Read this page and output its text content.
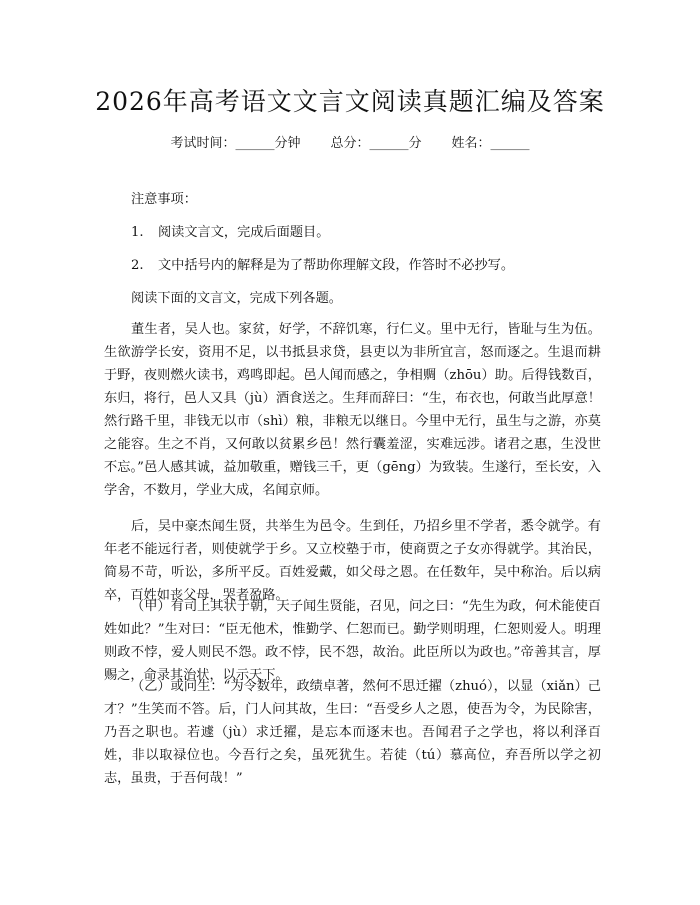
2026年高考语文文言文阅读真题汇编及答案
考试时间：______分钟 总分：______分 姓名：______
注意事项：
1. 阅读文言文，完成后面题目。
2. 文中括号内的解释是为了帮助你理解文段，作答时不必抄写。
阅读下面的文言文，完成下列各题。

董生者，吴人也。家贫，好学，不辞饥寒，行仁义。里中无行，皆耻与生为伍。生欲游学长安，资用不足，以书抵县求贷，县吏以为非所宜言，怒而逐之。生退而耕于野，夜则燃火读书，鸡鸣即起。邑人闻而感之，争相赒（zhōu）助。后得钱数百，东归，将行，邑人又具（jù）酒食送之。生拜而辞曰：“生，布衣也，何敢当此厚意！然行路千里，非钱无以市（shì）粮，非粮无以继日。今里中无行，虽生与之游，亦莫之能容。生之不肖，又何敢以贫累乡邑！然行囊羞涩，实难远涉。诸君之惠，生没世不忘。”邑人感其诚，益加敬重，赠钱三千，更（gēng）为致装。生遂行，至长安，入学舍，不数月，学业大成，名闻京师。

后，吴中豪杰闻生贤，共举生为邑令。生到任，乃招乡里不学者，悉令就学。有年老不能远行者，则使就学于乡。又立校塾于市，使商贾之子女亦得就学。其治民，简易不苛，听讼，多所平反。百姓爱戴，如父母之恩。在任数年，吴中称治。后以病卒，百姓如丧父母，哭者盈路。

（甲）有司上其状于朝，天子闻生贤能，召见，问之曰：“先生为政，何术能使百姓如此？”生对曰：“臣无他术，惟勤学、仁恕而已。勤学则明理，仁恕则爱人。明理则政不悖，爱人则民不怨。政不悖，民不怨，故治。此臣所以为政也。”帝善其言，厚赐之，命录其治状，以示天下。

（乙）或问生：“为令数年，政绩卓著，然何不思迁擢（zhuó），以显（xiǎn）己才？”生笑而不答。后，门人问其故，生曰：“吾受乡人之恩，使吾为令，为民除害，乃吾之职也。若遽（jù）求迁擢，是忘本而逐末也。吾闻君子之学也，将以利泽百姓，非以取禄位也。今吾行之矣，虽死犹生。若徒（tú）慕高位，弃吾所以学之初志，虽贵，于吾何哉！”
